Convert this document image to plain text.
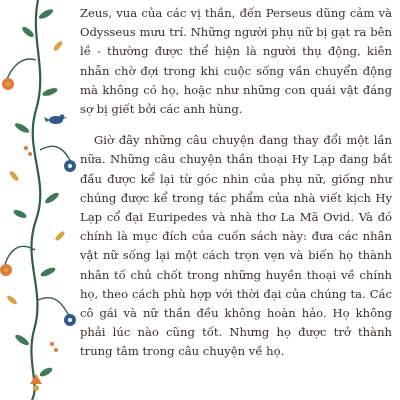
Zeus, vua của các vị thần, đến Perseus dũng cảm và Odysseus mưu trí. Những người phụ nữ bị gạt ra bên lề - thường được thể hiện là người thụ động, kiên nhẫn chờ đợi trong khi cuộc sống vần chuyển động mà không có họ, hoặc như những con quái vật đáng sợ bị giết bởi các anh hùng.

Giờ đây những câu chuyện đang thay đổi một lần nữa. Những câu chuyện thần thoại Hy Lạp đang bắt đầu được kể lại từ góc nhìn của phụ nữ, giống như chúng được kể trong tác phẩm của nhà viết kịch Hy Lạp cổ đại Euripedes và nhà thơ La Mã Ovid. Và đó chính là mục đích của cuốn sách này: đưa các nhân vật nữ sống lại một cách trọn vẹn và biến họ thành nhân tố chủ chốt trong những huyền thoại về chính họ, theo cách phù hợp với thời đại của chúng ta. Các cô gái và nữ thần đều không hoàn hảo. Họ không phải lúc nào cũng tốt. Nhưng họ được trở thành trung tâm trong câu chuyện về họ.
